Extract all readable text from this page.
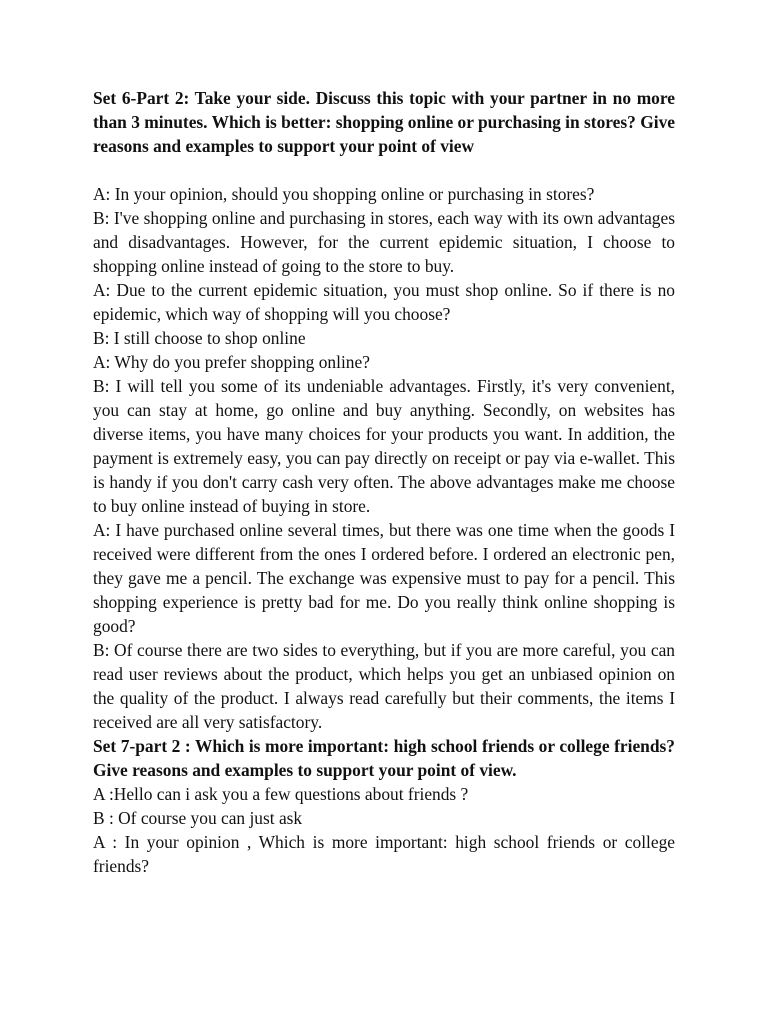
Set 6-Part 2: Take your side. Discuss this topic with your partner in no more than 3 minutes. Which is better: shopping online or purchasing in stores? Give reasons and examples to support your point of view

A: In your opinion, should you shopping online or purchasing in stores?

B: I've shopping online and purchasing in stores, each way with its own advantages and disadvantages. However, for the current epidemic situation, I choose to shopping online instead of going to the store to buy.

A: Due to the current epidemic situation, you must shop online. So if there is no epidemic, which way of shopping will you choose?

B: I still choose to shop online

A: Why do you prefer shopping online?

B: I will tell you some of its undeniable advantages. Firstly, it's very convenient, you can stay at home, go online and buy anything. Secondly, on websites has diverse items, you have many choices for your products you want. In addition, the payment is extremely easy, you can pay directly on receipt or pay via e-wallet. This is handy if you don't carry cash very often. The above advantages make me choose to buy online instead of buying in store.

A: I have purchased online several times, but there was one time when the goods I received were different from the ones I ordered before. I ordered an electronic pen, they gave me a pencil. The exchange was expensive must to pay for a pencil. This shopping experience is pretty bad for me. Do you really think online shopping is good?

B: Of course there are two sides to everything, but if you are more careful, you can read user reviews about the product, which helps you get an unbiased opinion on the quality of the product. I always read carefully but their comments, the items I received are all very satisfactory.

Set 7-part 2 : Which is more important: high school friends or college friends? Give reasons and examples to support your point of view.

A :Hello can i ask you a few questions about friends ?

B : Of course you can just ask

A : In your opinion , Which is more important: high school friends or college friends?
